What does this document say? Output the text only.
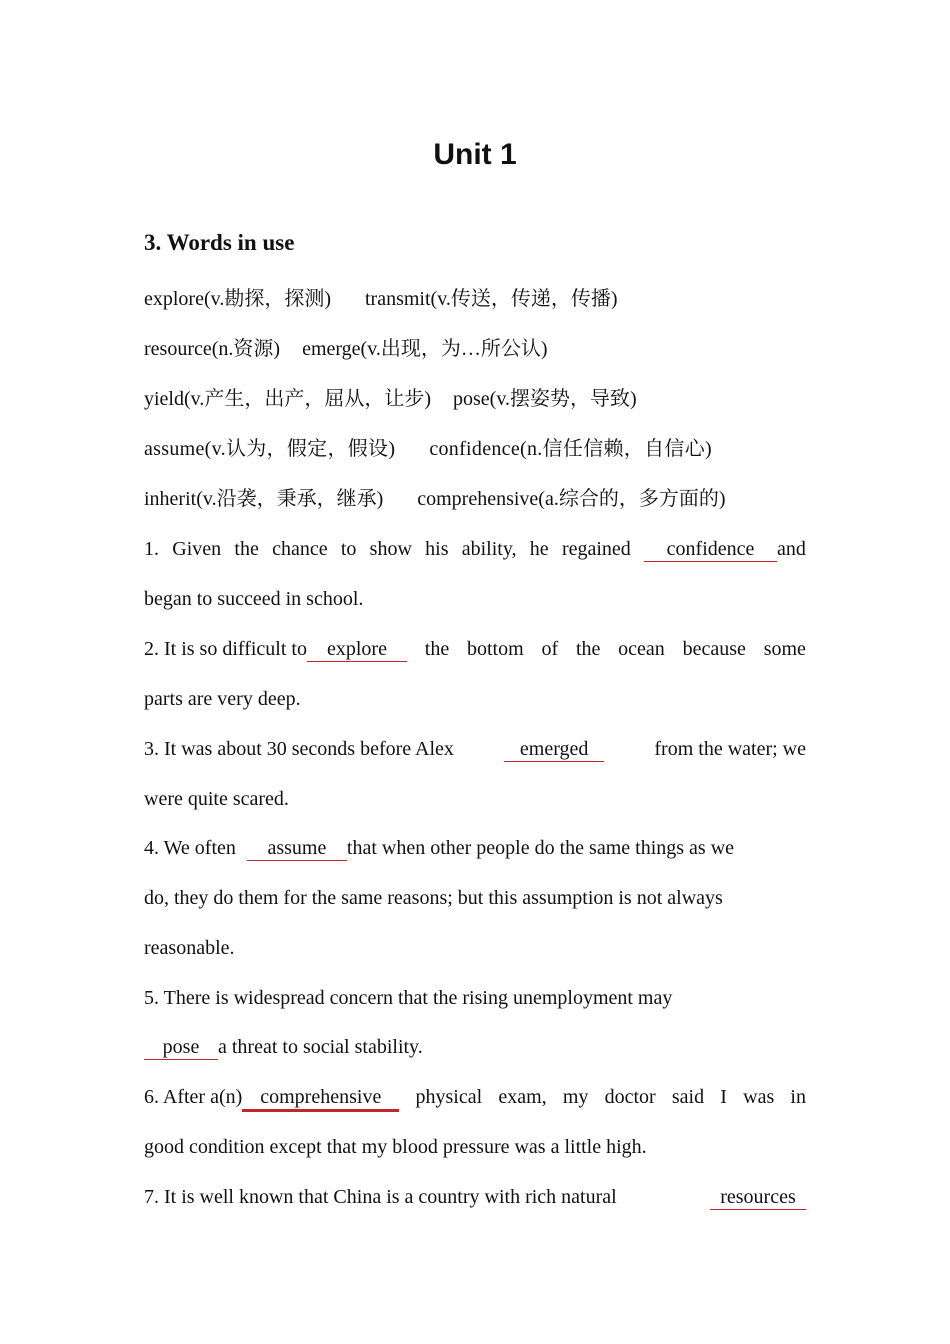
Unit 1
3. Words in use
explore(v.勘探，探测) transmit(v.传送，传递，传播)
resource(n.资源) emerge(v.出现，为…所公认)
yield(v.产生，出产，屈从，让步) pose(v.摆姿势，导致)
assume(v.认为，假定，假设) confidence(n.信任信赖，自信心)
inherit(v.沿袭，秉承，继承) comprehensive(a.综合的，多方面的)
1. Given the chance to show his ability, he regained	confidence and
began to succeed in school.
2. It is so difficult to explore	the bottom of the ocean because some
parts are very deep.
3. It was about 30 seconds before Alex	emerged	from the water; we
were quite scared.
4. We often assume that when other people do the same things as we
do, they do them for the same reasons; but this assumption is not always
reasonable.
5. There is widespread concern that the rising unemployment may
pose a threat to social stability.
6. After a(n) comprehensive	physical exam, my doctor said I was in
good condition except that my blood pressure was a little high.
7. It is well known that China is a country with rich natural	resources
